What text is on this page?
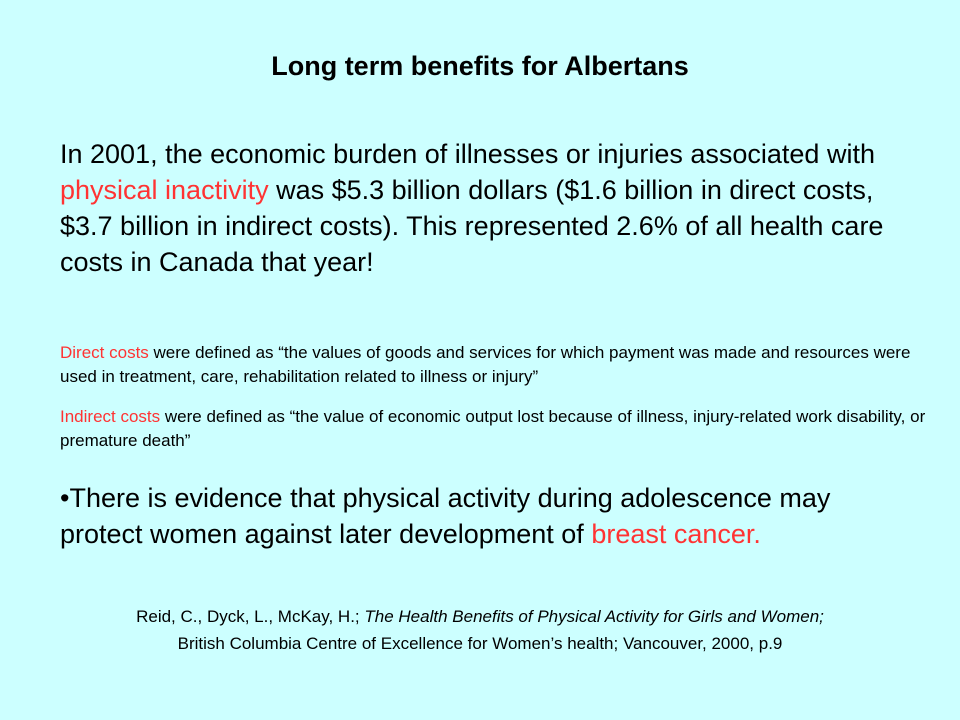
Long term benefits for Albertans

In 2001, the economic burden of illnesses or injuries associated with physical inactivity was $5.3 billion dollars ($1.6 billion in direct costs, $3.7 billion in indirect costs). This represented 2.6% of all health care costs in Canada that year!

Direct costs were defined as “the values of goods and services for which payment was made and resources were used in treatment, care, rehabilitation related to illness or injury”

Indirect costs were defined as “the value of economic output lost because of illness, injury-related work disability, or premature death”

•There is evidence that physical activity during adolescence may protect women against later development of breast cancer.

Reid, C., Dyck, L., McKay, H.; The Health Benefits of Physical Activity for Girls and Women;
British Columbia Centre of Excellence for Women’s health; Vancouver, 2000, p.9
